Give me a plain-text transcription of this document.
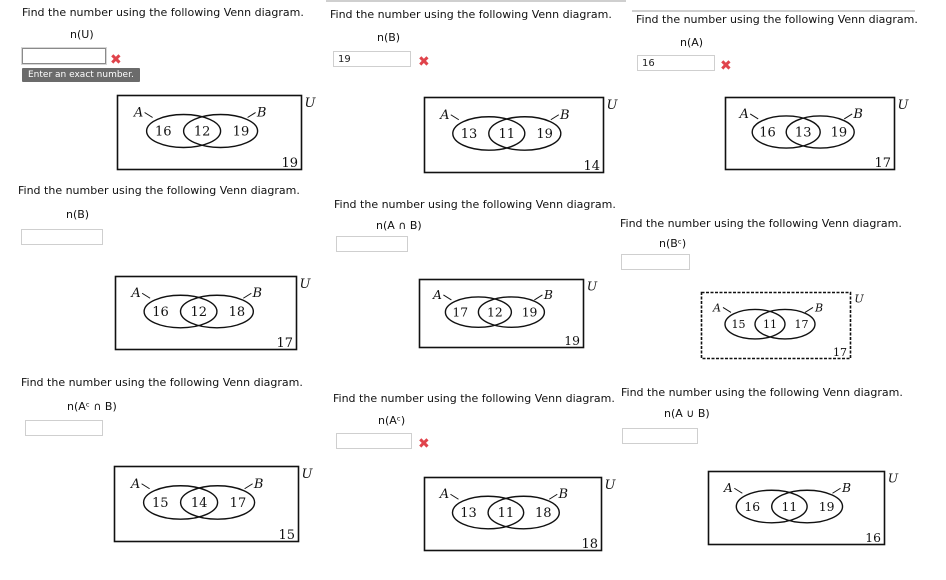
Find the number using the following Venn diagram.
n(U)
✖
Enter an exact number.
16 12 19
19
A	B
U
Find the number using the following Venn diagram.
n(B)
19	✖
13 11 19
14
A	B
U
Find the number using the following Venn diagram.
n(A)
16	✖
16 13 19
17
A	B
U
Find the number using the following Venn diagram.
n(B)
16 12 18
17
A	B
U
Find the number using the following Venn diagram.
n(A ∩ B)
17 12 19
19
A	B
U
Find the number using the following Venn diagram.
n(Bᶜ)
15 11 17
17
A	B
U
Find the number using the following Venn diagram.
n(Aᶜ ∩ B)
15 14 17
15
A	B
U
Find the number using the following Venn diagram.
n(Aᶜ)
✖
13 11 18
18
A	B
U
Find the number using the following Venn diagram.
n(A ∪ B)
16 11 19
16
A	B
U
